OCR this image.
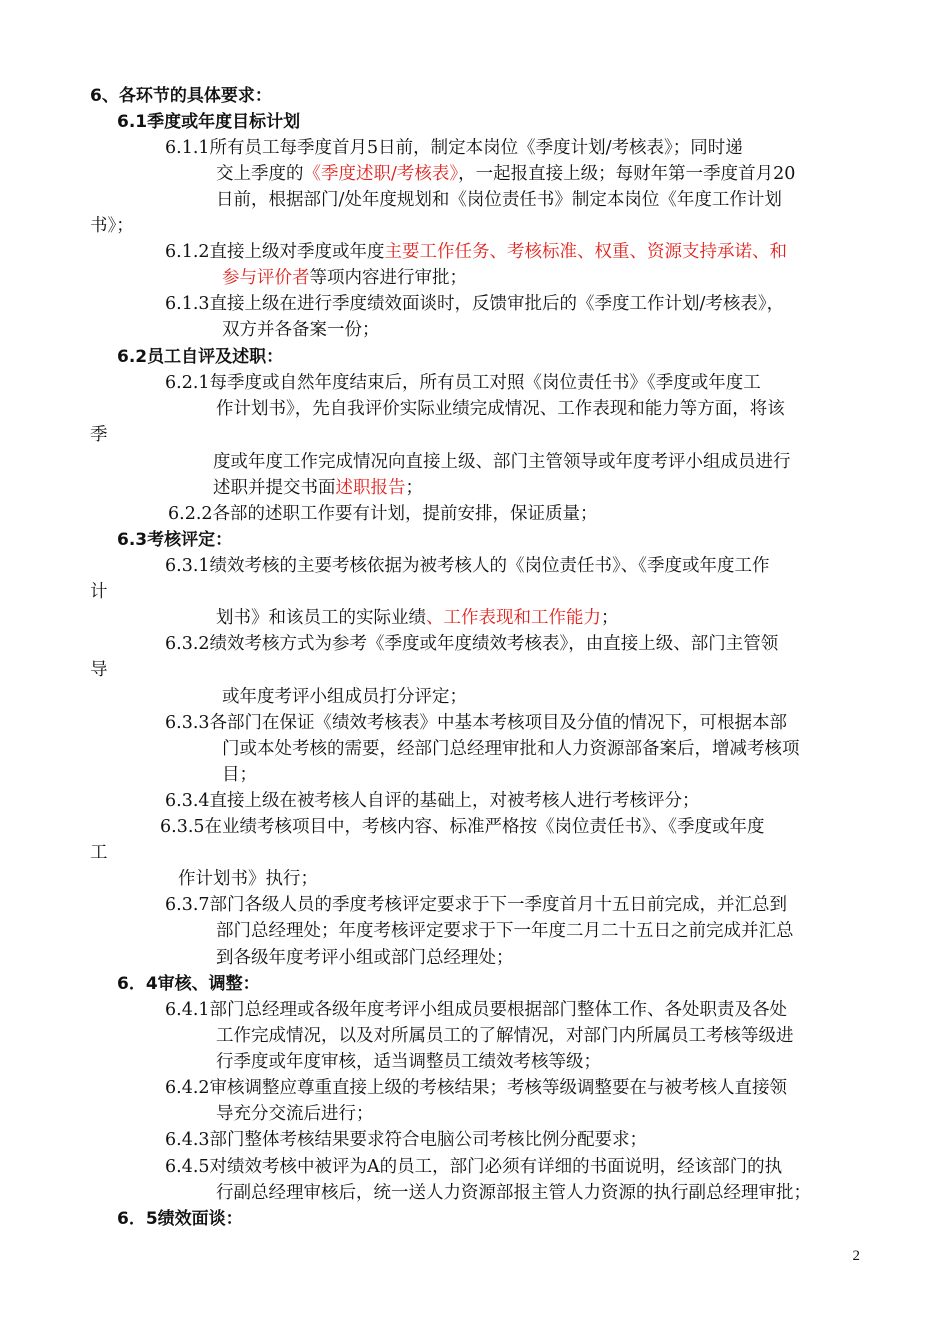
6、各环节的具体要求：
6.1季度或年度目标计划
6.1.1所有员工每季度首月5日前，制定本岗位《季度计划/考核表》；同时递
交上季度的《季度述职/考核表》，一起报直接上级；每财年第一季度首月20
日前，根据部门/处年度规划和《岗位责任书》制定本岗位《年度工作计划
书》；
6.1.2直接上级对季度或年度主要工作任务、考核标准、权重、资源支持承诺、和
参与评价者等项内容进行审批；
6.1.3直接上级在进行季度绩效面谈时，反馈审批后的《季度工作计划/考核表》，
双方并各备案一份；
6.2员工自评及述职：
6.2.1每季度或自然年度结束后，所有员工对照《岗位责任书》《季度或年度工
作计划书》，先自我评价实际业绩完成情况、工作表现和能力等方面，将该
季
度或年度工作完成情况向直接上级、部门主管领导或年度考评小组成员进行
述职并提交书面述职报告；
6.2.2各部的述职工作要有计划，提前安排，保证质量；
6.3考核评定：
6.3.1绩效考核的主要考核依据为被考核人的《岗位责任书》、《季度或年度工作
计
划书》和该员工的实际业绩、工作表现和工作能力；
6.3.2绩效考核方式为参考《季度或年度绩效考核表》，由直接上级、部门主管领
导
或年度考评小组成员打分评定；
6.3.3各部门在保证《绩效考核表》中基本考核项目及分值的情况下，可根据本部
门或本处考核的需要，经部门总经理审批和人力资源部备案后，增减考核项
目；
6.3.4直接上级在被考核人自评的基础上，对被考核人进行考核评分；
6.3.5在业绩考核项目中，考核内容、标准严格按《岗位责任书》、《季度或年度
工
作计划书》执行；
6.3.7部门各级人员的季度考核评定要求于下一季度首月十五日前完成，并汇总到
部门总经理处；年度考核评定要求于下一年度二月二十五日之前完成并汇总
到各级年度考评小组或部门总经理处；
6．4审核、调整：
6.4.1部门总经理或各级年度考评小组成员要根据部门整体工作、各处职责及各处
工作完成情况，以及对所属员工的了解情况，对部门内所属员工考核等级进
行季度或年度审核，适当调整员工绩效考核等级；
6.4.2审核调整应尊重直接上级的考核结果；考核等级调整要在与被考核人直接领
导充分交流后进行；
6.4.3部门整体考核结果要求符合电脑公司考核比例分配要求；
6.4.5对绩效考核中被评为A的员工，部门必须有详细的书面说明，经该部门的执
行副总经理审核后，统一送人力资源部报主管人力资源的执行副总经理审批；
6．5绩效面谈：
2
